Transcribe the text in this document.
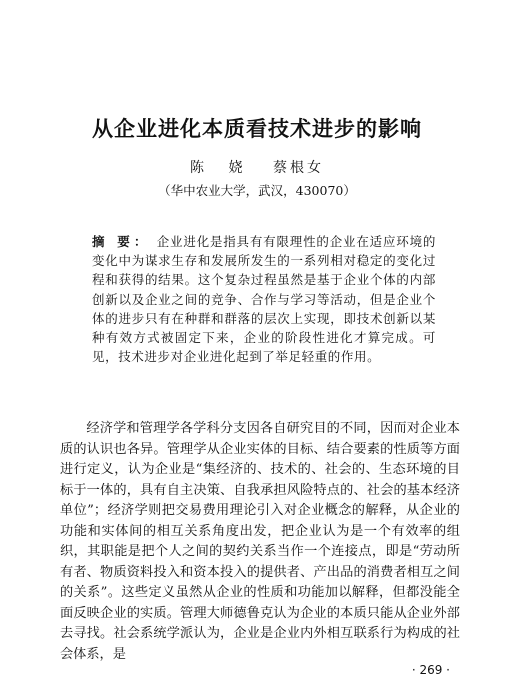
从企业进化本质看技术进步的影响
陈 娆 蔡根女
（华中农业大学，武汉，430070）

摘 要： 企业进化是指具有有限理性的企业在适应环境的变化中为谋求生存和发展所发生的一系列相对稳定的变化过程和获得的结果。这个复杂过程虽然是基于企业个体的内部创新以及企业之间的竞争、合作与学习等活动，但是企业个体的进步只有在种群和群落的层次上实现，即技术创新以某种有效方式被固定下来，企业的阶段性进化才算完成。可见，技术进步对企业进化起到了举足轻重的作用。

经济学和管理学各学科分支因各自研究目的不同，因而对企业本质的认识也各异。管理学从企业实体的目标、结合要素的性质等方面进行定义，认为企业是“集经济的、技术的、社会的、生态环境的目标于一体的，具有自主决策、自我承担风险特点的、社会的基本经济单位”；经济学则把交易费用理论引入对企业概念的解释，从企业的功能和实体间的相互关系角度出发，把企业认为是一个有效率的组织，其职能是把个人之间的契约关系当作一个连接点，即是“劳动所有者、物质资料投入和资本投入的提供者、产出品的消费者相互之间的关系”。这些定义虽然从企业的性质和功能加以解释，但都没能全面反映企业的实质。管理大师德鲁克认为企业的本质只能从企业外部去寻找。社会系统学派认为，企业是企业内外相互联系行为构成的社会体系，是

· 269 ·
